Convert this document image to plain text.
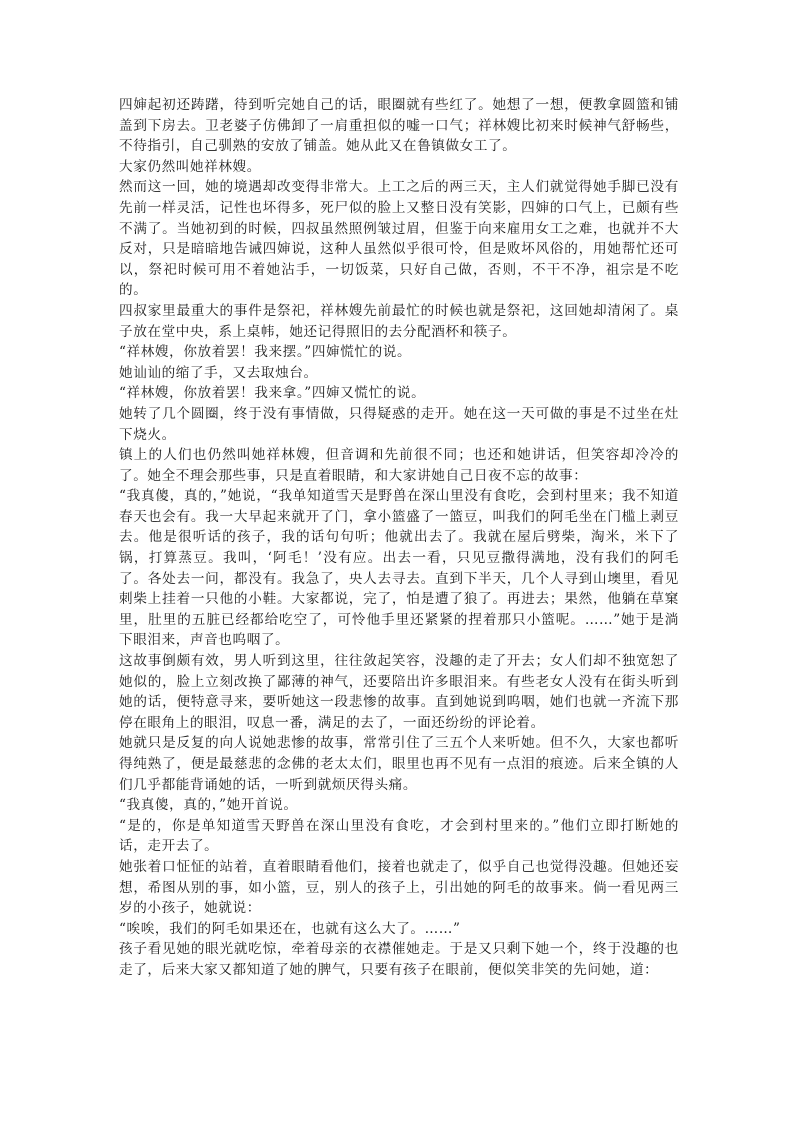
四婶起初还踌躇，待到听完她自己的话，眼圈就有些红了。她想了一想，便教拿圆篮和铺盖到下房去。卫老婆子仿佛卸了一肩重担似的嘘一口气；祥林嫂比初来时候神气舒畅些，不待指引，自己驯熟的安放了铺盖。她从此又在鲁镇做女工了。

大家仍然叫她祥林嫂。

然而这一回，她的境遇却改变得非常大。上工之后的两三天，主人们就觉得她手脚已没有先前一样灵活，记性也坏得多，死尸似的脸上又整日没有笑影，四婶的口气上，已颇有些不满了。当她初到的时候，四叔虽然照例皱过眉，但鉴于向来雇用女工之难，也就并不大反对，只是暗暗地告诫四婶说，这种人虽然似乎很可怜，但是败坏风俗的，用她帮忙还可以，祭祀时候可用不着她沾手，一切饭菜，只好自己做，否则，不干不净，祖宗是不吃的。

四叔家里最重大的事件是祭祀，祥林嫂先前最忙的时候也就是祭祀，这回她却清闲了。桌子放在堂中央，系上桌帏，她还记得照旧的去分配酒杯和筷子。

“祥林嫂，你放着罢！我来摆。”四婶慌忙的说。

她讪讪的缩了手，又去取烛台。

“祥林嫂，你放着罢！我来拿。”四婶又慌忙的说。

她转了几个圆圈，终于没有事情做，只得疑惑的走开。她在这一天可做的事是不过坐在灶下烧火。

镇上的人们也仍然叫她祥林嫂，但音调和先前很不同；也还和她讲话，但笑容却冷冷的了。她全不理会那些事，只是直着眼睛，和大家讲她自己日夜不忘的故事：

“我真傻，真的，”她说，“我单知道雪天是野兽在深山里没有食吃，会到村里来；我不知道春天也会有。我一大早起来就开了门，拿小篮盛了一篮豆，叫我们的阿毛坐在门槛上剥豆去。他是很听话的孩子，我的话句句听；他就出去了。我就在屋后劈柴，淘米，米下了锅，打算蒸豆。我叫，‘阿毛！’没有应。出去一看，只见豆撒得满地，没有我们的阿毛了。各处去一问，都没有。我急了，央人去寻去。直到下半天，几个人寻到山墺里，看见刺柴上挂着一只他的小鞋。大家都说，完了，怕是遭了狼了。再进去；果然，他躺在草窠里，肚里的五脏已经都给吃空了，可怜他手里还紧紧的捏着那只小篮呢。……”她于是淌下眼泪来，声音也呜咽了。

这故事倒颇有效，男人听到这里，往往敛起笑容，没趣的走了开去；女人们却不独宽恕了她似的，脸上立刻改换了鄙薄的神气，还要陪出许多眼泪来。有些老女人没有在街头听到她的话，便特意寻来，要听她这一段悲惨的故事。直到她说到呜咽，她们也就一齐流下那停在眼角上的眼泪，叹息一番，满足的去了，一面还纷纷的评论着。

她就只是反复的向人说她悲惨的故事，常常引住了三五个人来听她。但不久，大家也都听得纯熟了，便是最慈悲的念佛的老太太们，眼里也再不见有一点泪的痕迹。后来全镇的人们几乎都能背诵她的话，一听到就烦厌得头痛。

“我真傻，真的，”她开首说。

“是的，你是单知道雪天野兽在深山里没有食吃，才会到村里来的。”他们立即打断她的话，走开去了。

她张着口怔怔的站着，直着眼睛看他们，接着也就走了，似乎自己也觉得没趣。但她还妄想，希图从别的事，如小篮，豆，别人的孩子上，引出她的阿毛的故事来。倘一看见两三岁的小孩子，她就说：

“唉唉，我们的阿毛如果还在，也就有这么大了。……”

孩子看见她的眼光就吃惊，牵着母亲的衣襟催她走。于是又只剩下她一个，终于没趣的也走了，后来大家又都知道了她的脾气，只要有孩子在眼前，便似笑非笑的先问她，道：
